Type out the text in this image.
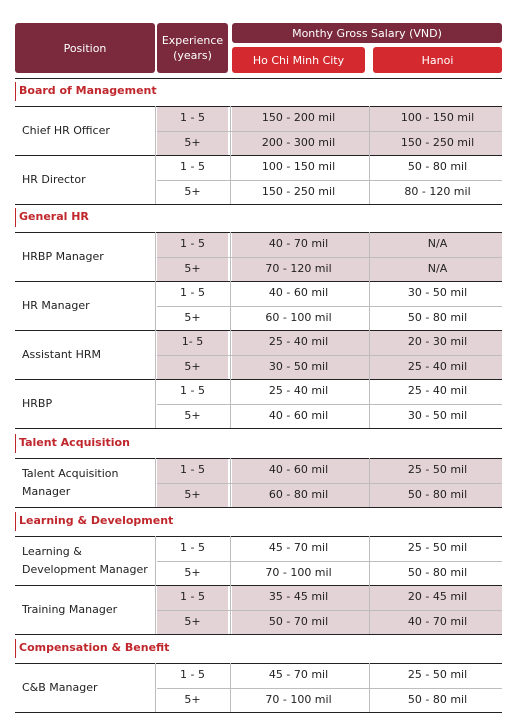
Position
Experience (years)
Monthy Gross Salary (VND)
Ho Chi Minh City	Hanoi
Board of Management
Chief HR Officer
1 - 5	150 - 200 mil	100 - 150 mil
5+	200 - 300 mil	150 - 250 mil
HR Director
1 - 5	100 - 150 mil	50 - 80 mil
5+	150 - 250 mil	80 - 120 mil
General HR
HRBP Manager
1 - 5	40 - 70 mil	N/A
5+	70 - 120 mil	N/A
HR Manager
1 - 5	40 - 60 mil	30 - 50 mil
5+	60 - 100 mil	50 - 80 mil
Assistant HRM
1- 5	25 - 40 mil	20 - 30 mil
5+	30 - 50 mil	25 - 40 mil
HRBP
1 - 5	25 - 40 mil	25 - 40 mil
5+	40 - 60 mil	30 - 50 mil
Talent Acquisition
Talent Acquisition Manager
1 - 5	40 - 60 mil	25 - 50 mil
5+	60 - 80 mil	50 - 80 mil
Learning & Development
Learning & Development Manager
1 - 5	45 - 70 mil	25 - 50 mil
5+	70 - 100 mil	50 - 80 mil
Training Manager
1 - 5	35 - 45 mil	20 - 45 mil
5+	50 - 70 mil	40 - 70 mil
Compensation & Benefit
C&B Manager
1 - 5	45 - 70 mil	25 - 50 mil
5+	70 - 100 mil	50 - 80 mil
